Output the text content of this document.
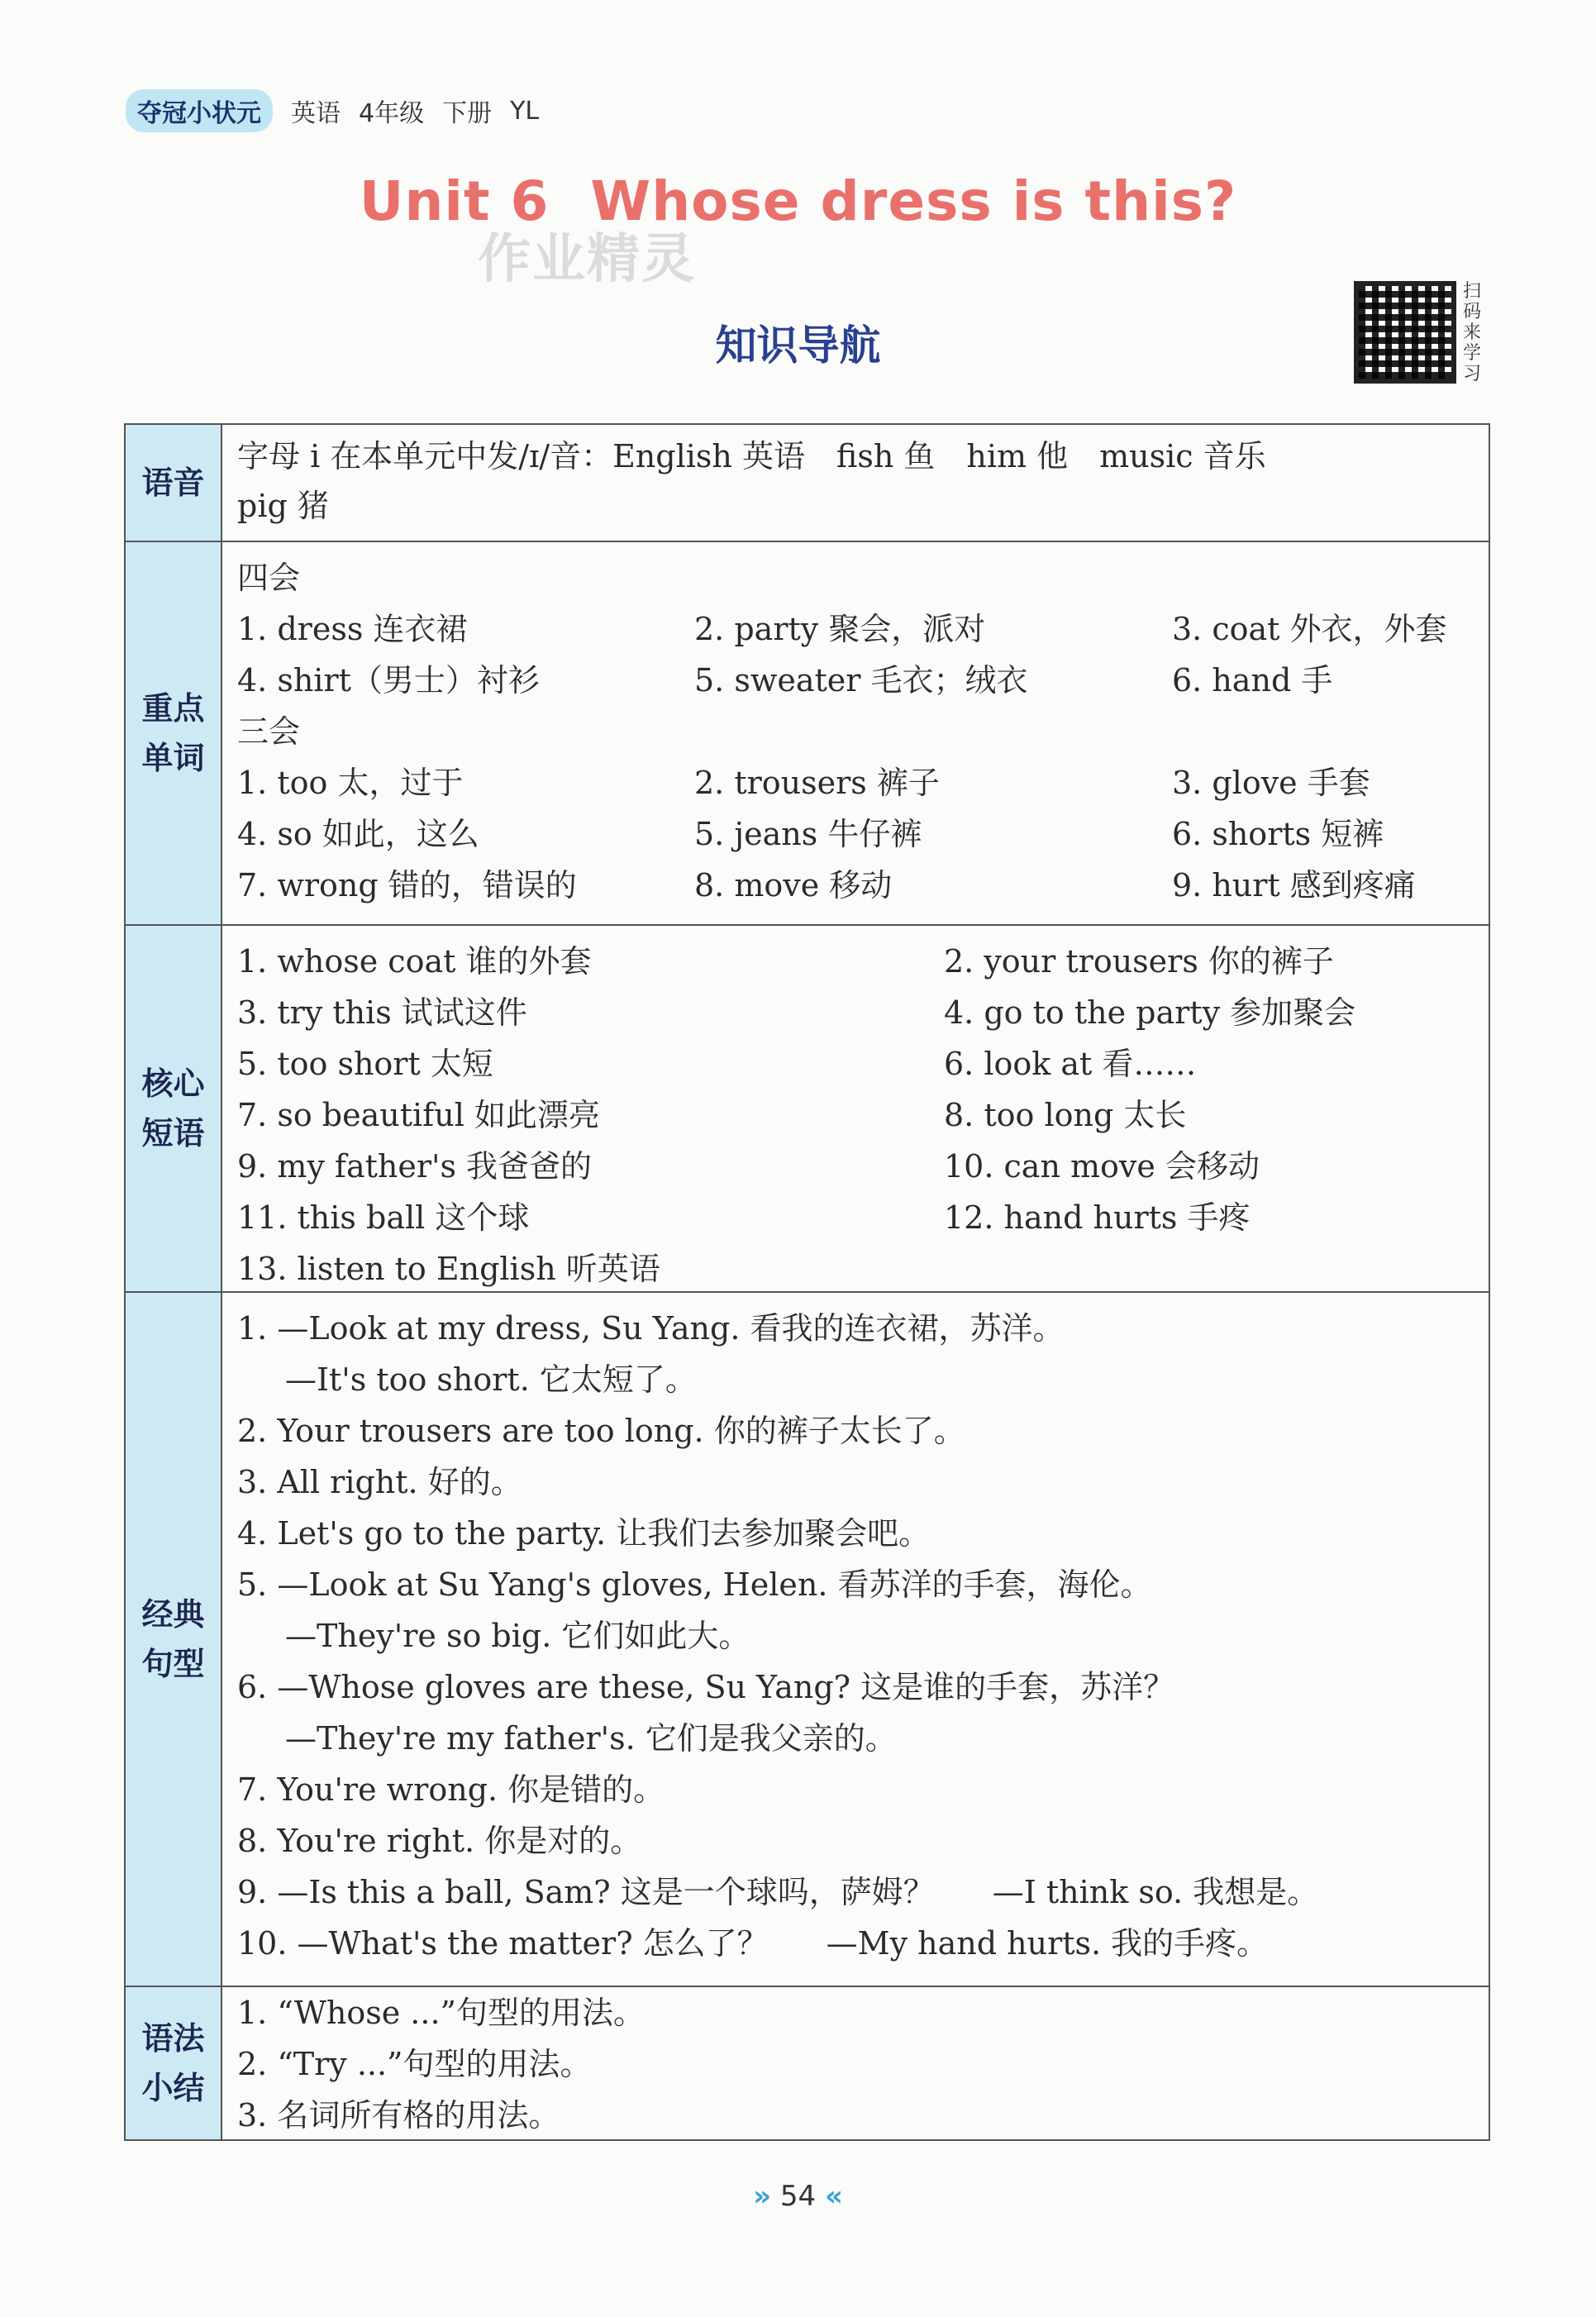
夺冠小状元	英语 4年级 下册 YL
Unit 6 Whose dress is this?
作业精灵
知识导航
扫码来学习
语音
字母 i 在本单元中发/ɪ/音：English 英语　fish 鱼　him 他　music 音乐
pig 猪
重点单词
四会
1. dress 连衣裙	2. party 聚会，派对	3. coat 外衣，外套
4. shirt（男士）衬衫	5. sweater 毛衣；绒衣	6. hand 手
三会
1. too 太，过于	2. trousers 裤子	3. glove 手套
4. so 如此，这么	5. jeans 牛仔裤	6. shorts 短裤
7. wrong 错的，错误的	8. move 移动	9. hurt 感到疼痛
核心短语
1. whose coat 谁的外套	2. your trousers 你的裤子
3. try this 试试这件	4. go to the party 参加聚会
5. too short 太短	6. look at 看……
7. so beautiful 如此漂亮	8. too long 太长
9. my father's 我爸爸的	10. can move 会移动
11. this ball 这个球	12. hand hurts 手疼
13. listen to English 听英语
经典句型
1. —Look at my dress, Su Yang. 看我的连衣裙，苏洋。
—It's too short. 它太短了。
2. Your trousers are too long. 你的裤子太长了。
3. All right. 好的。
4. Let's go to the party. 让我们去参加聚会吧。
5. —Look at Su Yang's gloves, Helen. 看苏洋的手套，海伦。
—They're so big. 它们如此大。
6. —Whose gloves are these, Su Yang? 这是谁的手套，苏洋？
—They're my father's. 它们是我父亲的。
7. You're wrong. 你是错的。
8. You're right. 你是对的。
9. —Is this a ball, Sam? 这是一个球吗，萨姆？ —I think so. 我想是。
10. —What's the matter? 怎么了？ —My hand hurts. 我的手疼。
语法小结
1. “Whose ...”句型的用法。
2. “Try ...”句型的用法。
3. 名词所有格的用法。
» 54 «
